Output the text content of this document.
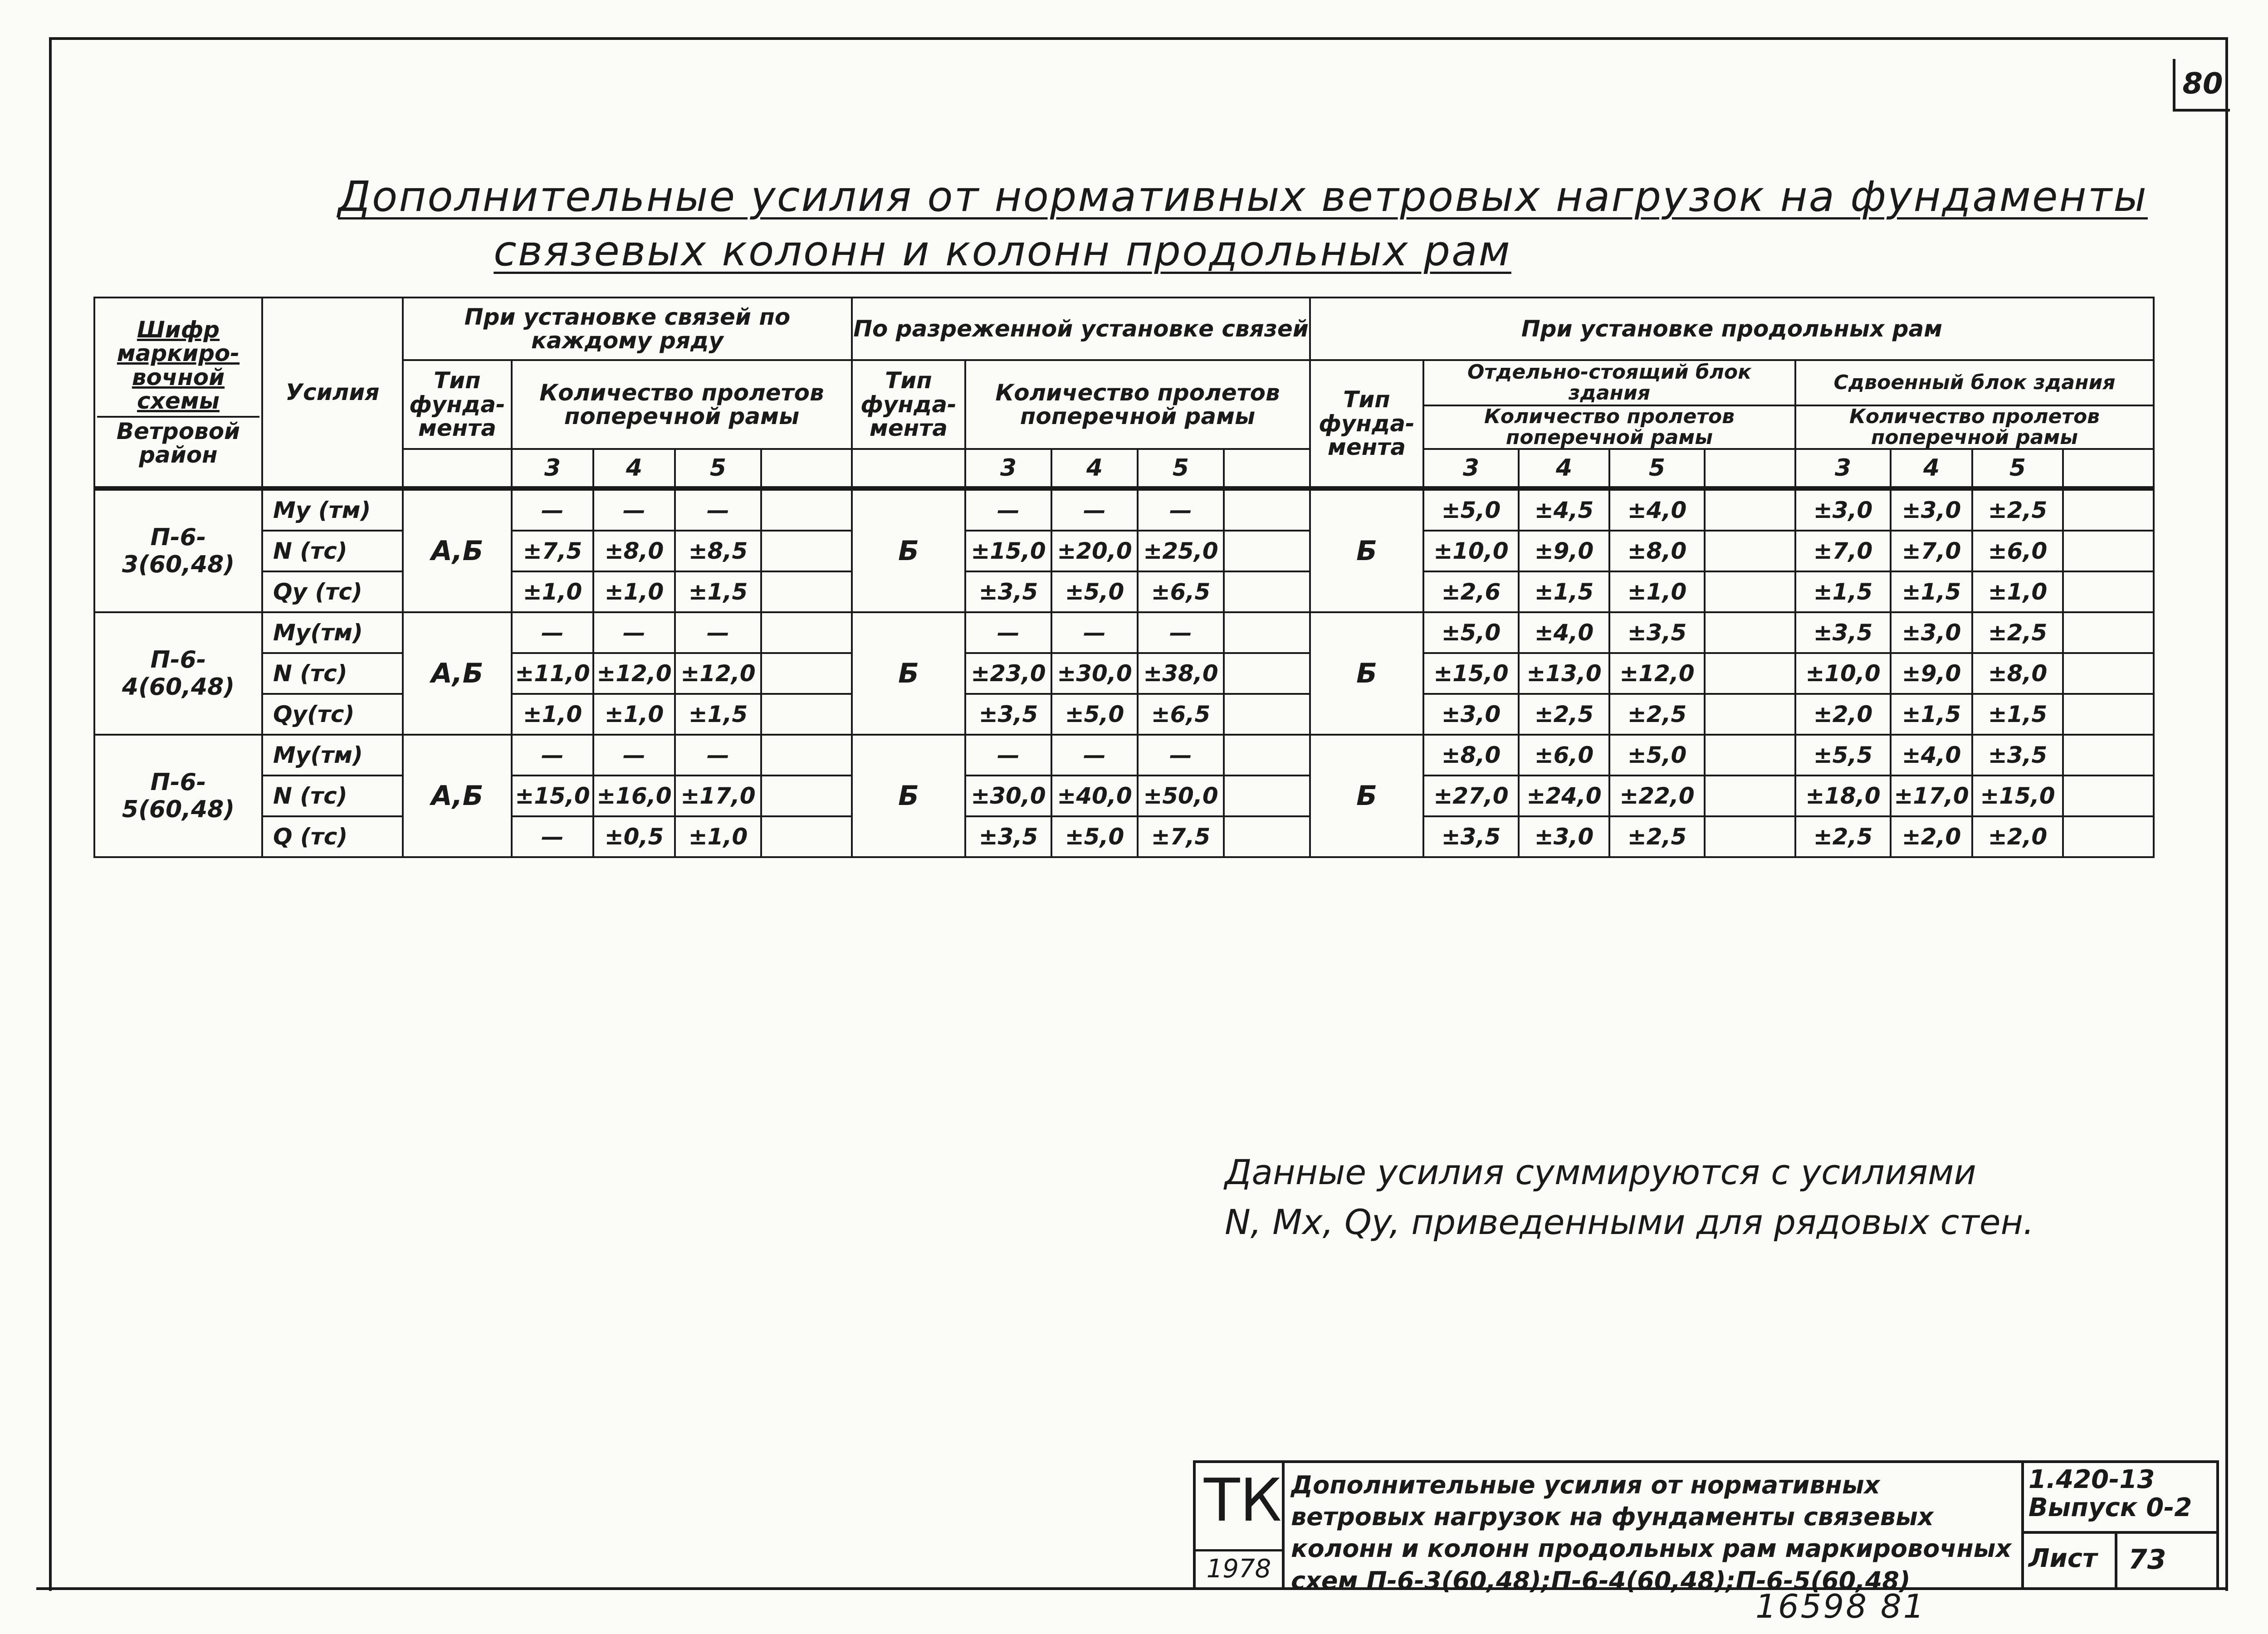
80
Дополнительные усилия от нормативных ветровых нагрузок на фундаменты
связевых колонн и колонн продольных рам
Шифр маркиро- вочной схемы
Ветровой район	Усилия	При установке связей по каждому ряду					По разреженной установке связей					При установке продольных рам								
		Тип фунда- мента	Количество пролетов поперечной рамы				Тип фунда- мента	Количество пролетов поперечной рамы				Тип фунда- мента	Отдельно-стоящий блок здания				Сдвоенный блок здания			
													Количество пролетов поперечной рамы				Количество пролетов поперечной рамы			
			3	4	5			3	4	5			3	4	5		3	4	5	
П-6-3(60,48)	My (тм)	А,Б	—	—	—		Б	—	—	—		Б	±5,0	±4,5	±4,0		±3,0	±3,0	±2,5	
	N (тс)		±7,5	±8,0	±8,5			±15,0	±20,0	±25,0			±10,0	±9,0	±8,0		±7,0	±7,0	±6,0	
	Qy (тс)		±1,0	±1,0	±1,5			±3,5	±5,0	±6,5			±2,6	±1,5	±1,0		±1,5	±1,5	±1,0	
П-6-4(60,48)	My(тм)	А,Б	—	—	—		Б	—	—	—		Б	±5,0	±4,0	±3,5		±3,5	±3,0	±2,5	
	N (тс)		±11,0	±12,0	±12,0			±23,0	±30,0	±38,0			±15,0	±13,0	±12,0		±10,0	±9,0	±8,0	
	Qy(тс)		±1,0	±1,0	±1,5			±3,5	±5,0	±6,5			±3,0	±2,5	±2,5		±2,0	±1,5	±1,5	
П-6-5(60,48)	My(тм)	А,Б	—	—	—		Б	—	—	—		Б	±8,0	±6,0	±5,0		±5,5	±4,0	±3,5	
	N (тс)		±15,0	±16,0	±17,0			±30,0	±40,0	±50,0			±27,0	±24,0	±22,0		±18,0	±17,0	±15,0	
	Q (тс)		—	±0,5	±1,0			±3,5	±5,0	±7,5			±3,5	±3,0	±2,5		±2,5	±2,0	±2,0	
Данные усилия суммируются с усилиями
N, Mx, Qy, приведенными для рядовых стен.
ТК
1978
Дополнительные усилия от нормативных ветровых нагрузок на фундаменты связевых колонн и колонн продольных рам маркировочных схем П-6-3(60,48);П-6-4(60,48);П-6-5(60,48)
1.420-13
Выпуск 0-2
Лист 73
16598 81
